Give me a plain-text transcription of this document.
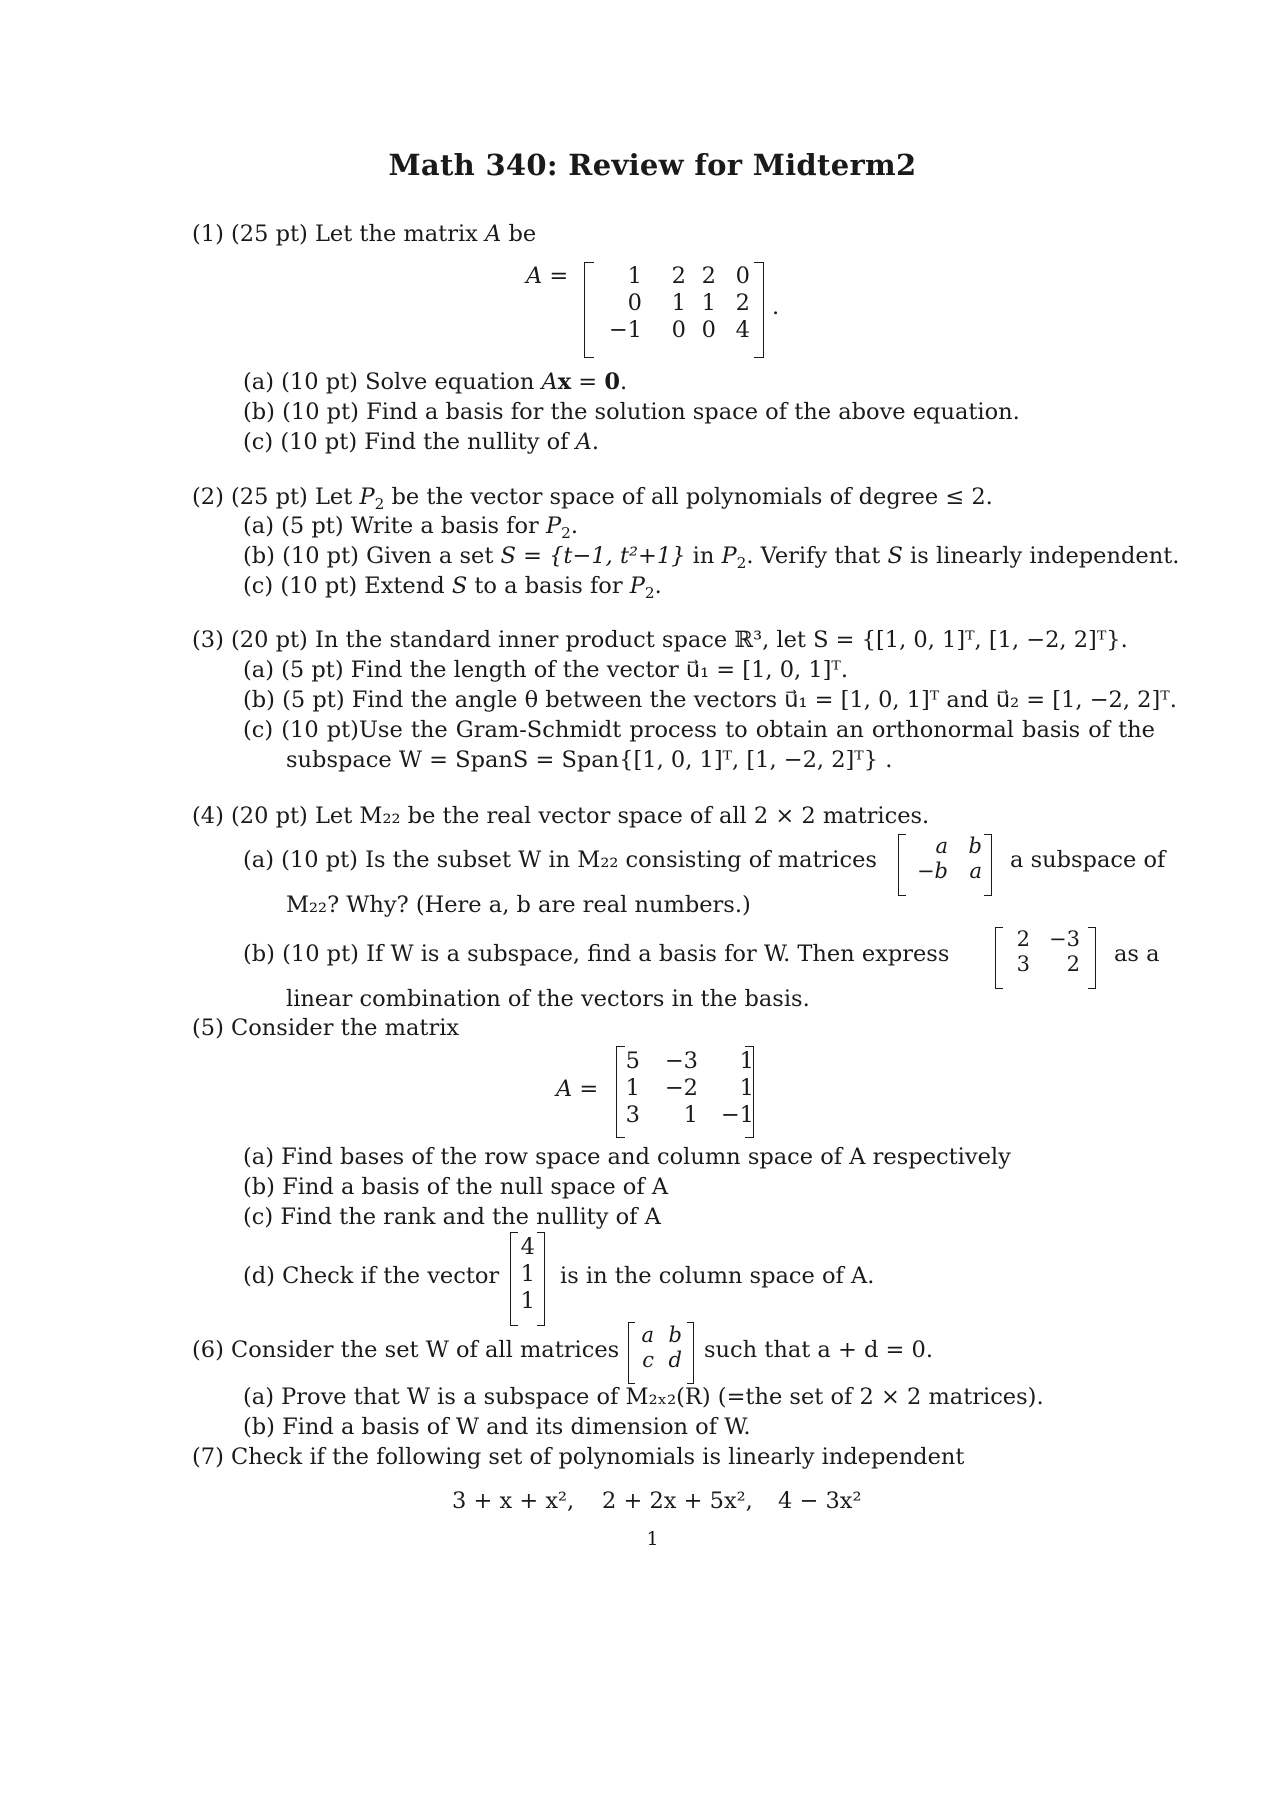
Math 340: Review for Midterm2
(1) (25 pt) Let the matrix A be
A =	1 2 2 0
0 1 1 2
−1 0 0 4
.
(a) (10 pt) Solve equation Ax = 0.
(b) (10 pt) Find a basis for the solution space of the above equation.
(c) (10 pt) Find the nullity of A.
(2) (25 pt) Let $P_2$ be the vector space of all polynomials of degree ≤ 2.
(a) (5 pt) Write a basis for $P_2$.
(b) (10 pt) Given a set S = {t−1, t²+1} in $P_2$. Verify that S is linearly independent.
(c) (10 pt) Extend S to a basis for $P_2$.
(3) (20 pt) In the standard inner product space ℝ³, let S = {[1, 0, 1]ᵀ, [1, −2, 2]ᵀ}.
(a) (5 pt) Find the length of the vector u⃗₁ = [1, 0, 1]ᵀ.
(b) (5 pt) Find the angle θ between the vectors u⃗₁ = [1, 0, 1]ᵀ and u⃗₂ = [1, −2, 2]ᵀ.
(c) (10 pt)Use the Gram-Schmidt process to obtain an orthonormal basis of the
subspace W = SpanS = Span{[1, 0, 1]ᵀ, [1, −2, 2]ᵀ} .
(4) (20 pt) Let M₂₂ be the real vector space of all 2 × 2 matrices.
(a) (10 pt) Is the subset W in M₂₂ consisting of matrices
a b
−b a a subspace of
M₂₂? Why? (Here a, b are real numbers.)
(b) (10 pt) If W is a subspace, find a basis for W. Then express
2 −3
3 2 as a
linear combination of the vectors in the basis.
(5) Consider the matrix
A =
5 −3 1
1 −2 1
3 1 −1
(a) Find bases of the row space and column space of A respectively
(b) Find a basis of the null space of A
(c) Find the rank and the nullity of A
(d) Check if the vector
4
1
1
is in the column space of A.
(6) Consider the set W of all matrices
a b
c d such that a + d = 0.
(a) Prove that W is a subspace of M₂ₓ₂(R) (=the set of 2 × 2 matrices).
(b) Find a basis of W and its dimension of W.
(7) Check if the following set of polynomials is linearly independent
3 + x + x², 2 + 2x + 5x², 4 − 3x²
1
